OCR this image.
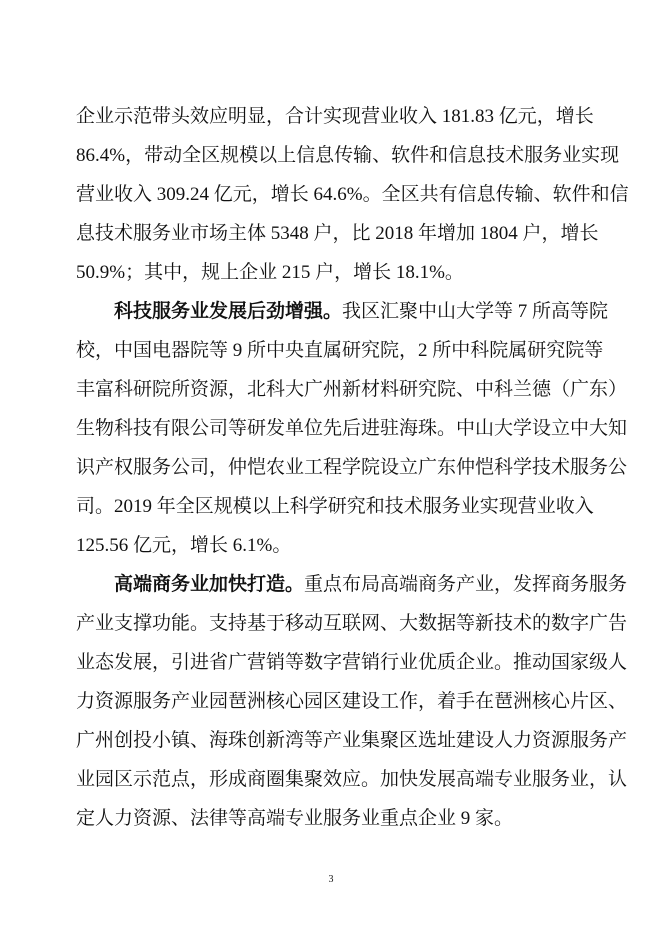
企业示范带头效应明显，合计实现营业收入 181.83 亿元，增长
86.4%，带动全区规模以上信息传输、软件和信息技术服务业实现
营业收入 309.24 亿元，增长 64.6%。全区共有信息传输、软件和信
息技术服务业市场主体 5348 户，比 2018 年增加 1804 户，增长
50.9%；其中，规上企业 215 户，增长 18.1%。
科技服务业发展后劲增强。我区汇聚中山大学等 7 所高等院
校，中国电器院等 9 所中央直属研究院，2 所中科院属研究院等
丰富科研院所资源，北科大广州新材料研究院、中科兰德（广东）
生物科技有限公司等研发单位先后进驻海珠。中山大学设立中大知
识产权服务公司，仲恺农业工程学院设立广东仲恺科学技术服务公
司。2019 年全区规模以上科学研究和技术服务业实现营业收入
125.56 亿元，增长 6.1%。
高端商务业加快打造。重点布局高端商务产业，发挥商务服务
产业支撑功能。支持基于移动互联网、大数据等新技术的数字广告
业态发展，引进省广营销等数字营销行业优质企业。推动国家级人
力资源服务产业园琶洲核心园区建设工作，着手在琶洲核心片区、
广州创投小镇、海珠创新湾等产业集聚区选址建设人力资源服务产
业园区示范点，形成商圈集聚效应。加快发展高端专业服务业，认
定人力资源、法律等高端专业服务业重点企业 9 家。
3
